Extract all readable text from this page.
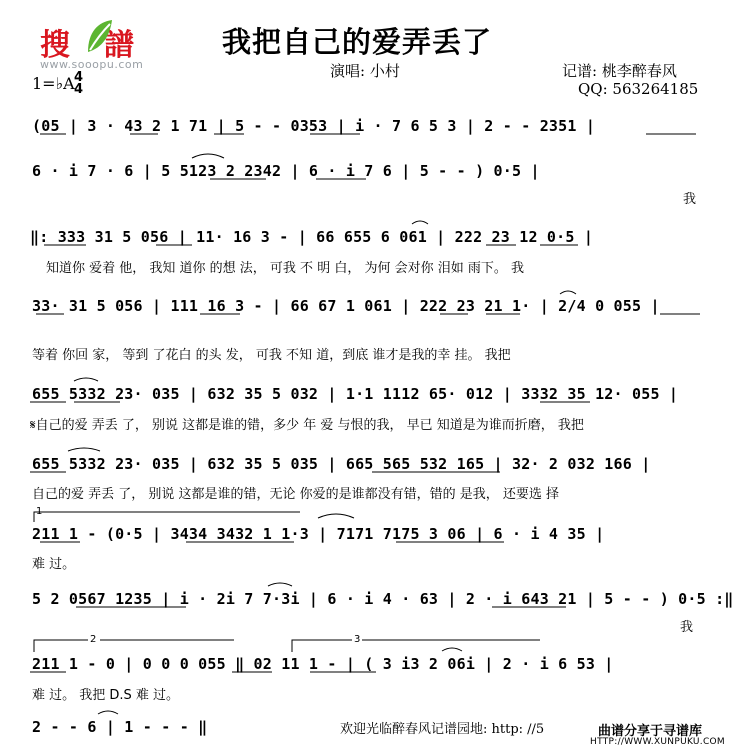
搜 譜
www.sooopu.com
我把自己的爱弄丢了
演唱: 小村	记谱: 桃李醉春风
QQ: 563264185
1=♭A 4
4
(05 | 3 · 43 2 1 71 | 5 - - 0353 | i · 7 6 5 3 | 2 - - 2351 |
6 · i 7 · 6 | 5 5123 2 2342 | 6 · i 7 6 | 5 - - ) 0·5 |
我
‖: 333 31 5 056 | 11· 16 3 - | 66 655 6 061 | 222 23 12 0·5 |
知道你 爱着 他， 我知 道你 的想 法， 可我 不 明 白， 为何 会对你 泪如 雨下。 我
33· 31 5 056 | 111 16 3 - | 66 67 1 061 | 222 23 21 1· | 2/4 0 055 |
等着 你回 家， 等到 了花白 的头 发， 可我 不知 道，到底 谁才是我的幸 挂。 我把
655 5332 23· 035 | 632 35 5 032 | 1·1 1112 65· 012 | 3332 35 12· 055 |
𝄋自己的爱 弄丢 了， 别说 这都是谁的错，多少 年 爱 与恨的我， 早已 知道是为谁而折磨， 我把
655 5332 23· 035 | 632 35 5 035 | 665 565 532 165 | 32· 2 032 166 |
自己的爱 弄丢 了， 别说 这都是谁的错，无论 你爱的是谁都没有错，错的 是我， 还要选 择
211 1 - (0·5 | 3434 3432 1 1·3 | 7171 7175 3 06 | 6 · i 4 35 |
难 过。
5 2 0567 1235 | i · 2i 7 7·3i | 6 · i 4 · 63 | 2 · i 643 21 | 5 - - ) 0·5 :‖
我
211 1 - 0 | 0 0 0 055 ‖ 02 11 1 - | ( 3 i3 2 06i | 2 · i 6 53 |
难 过。 我把 D.S 难 过。
2 - - 6 | 1 - - - ‖
1
2	3
欢迎光临醉春风记谱园地: http: //5	曲谱分享于寻谱库
HTTP://WWW.XUNPUKU.COM
